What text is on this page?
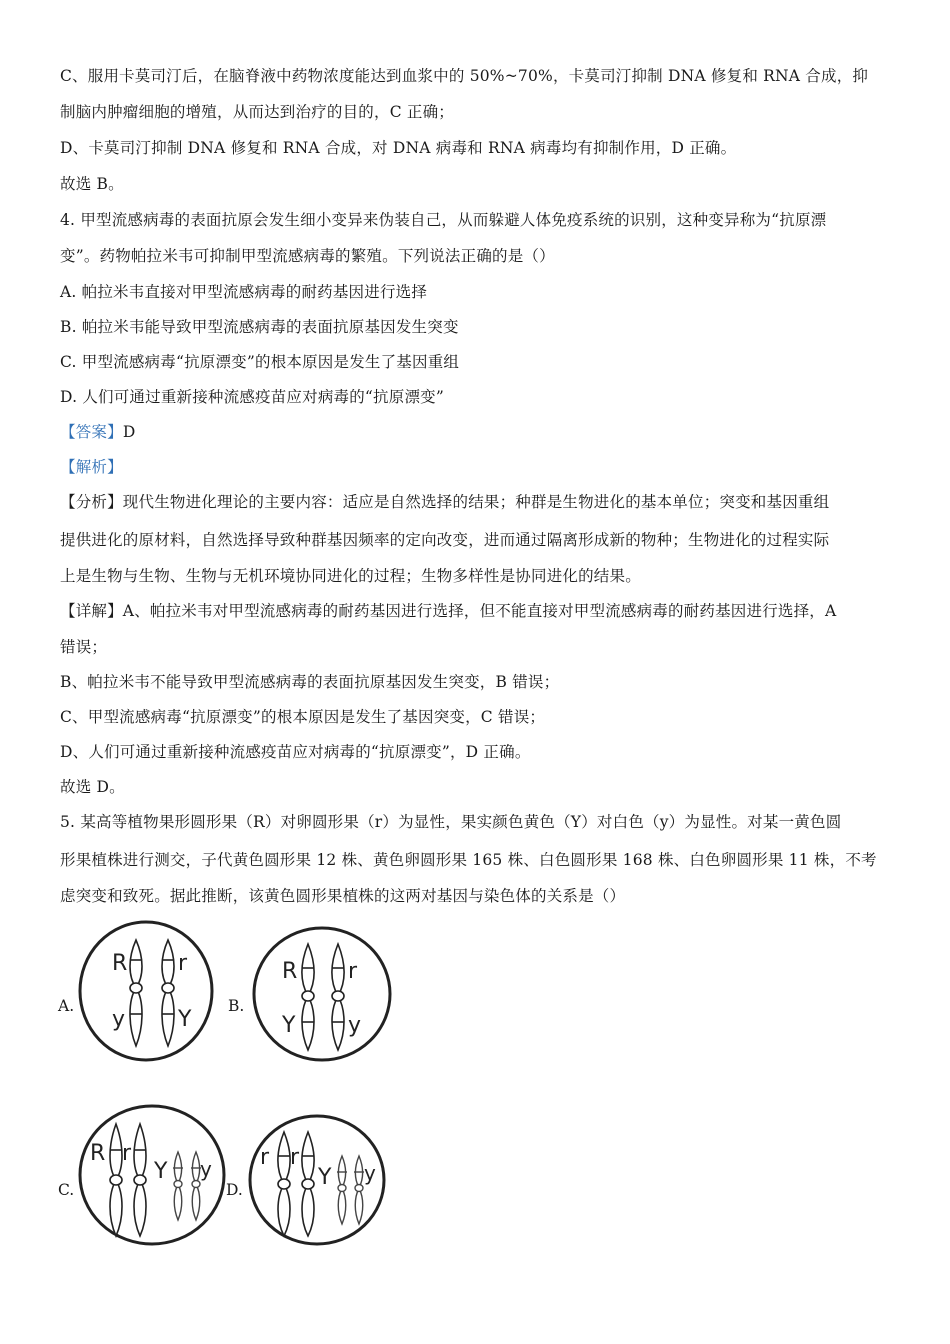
C、服用卡莫司汀后，在脑脊液中药物浓度能达到血浆中的 50%~70%，卡莫司汀抑制 DNA 修复和 RNA 合成，抑
制脑内肿瘤细胞的增殖，从而达到治疗的目的，C 正确；
D、卡莫司汀抑制 DNA 修复和 RNA 合成，对 DNA 病毒和 RNA 病毒均有抑制作用，D 正确。
故选 B。
4. 甲型流感病毒的表面抗原会发生细小变异来伪装自己，从而躲避人体免疫系统的识别，这种变异称为“抗原漂
变”。药物帕拉米韦可抑制甲型流感病毒的繁殖。下列说法正确的是（）
A. 帕拉米韦直接对甲型流感病毒的耐药基因进行选择
B. 帕拉米韦能导致甲型流感病毒的表面抗原基因发生突变
C. 甲型流感病毒“抗原漂变”的根本原因是发生了基因重组
D. 人们可通过重新接种流感疫苗应对病毒的“抗原漂变”
【答案】D
【解析】
【分析】现代生物进化理论的主要内容：适应是自然选择的结果；种群是生物进化的基本单位；突变和基因重组
提供进化的原材料，自然选择导致种群基因频率的定向改变，进而通过隔离形成新的物种；生物进化的过程实际
上是生物与生物、生物与无机环境协同进化的过程；生物多样性是协同进化的结果。
【详解】A、帕拉米韦对甲型流感病毒的耐药基因进行选择，但不能直接对甲型流感病毒的耐药基因进行选择，A
错误；
B、帕拉米韦不能导致甲型流感病毒的表面抗原基因发生突变，B 错误；
C、甲型流感病毒“抗原漂变”的根本原因是发生了基因突变，C 错误；
D、人们可通过重新接种流感疫苗应对病毒的“抗原漂变”，D 正确。
故选 D。
5. 某高等植物果形圆形果（R）对卵圆形果（r）为显性，果实颜色黄色（Y）对白色（y）为显性。对某一黄色圆
形果植株进行测交，子代黄色圆形果 12 株、黄色卵圆形果 165 株、白色圆形果 168 株、白色卵圆形果 11 株，不考
虑突变和致死。据此推断，该黄色圆形果植株的这两对基因与染色体的关系是（）
A.	B.
C.	D.
R r
y Y
R r
Y y
R r
Y y r r
Y y
